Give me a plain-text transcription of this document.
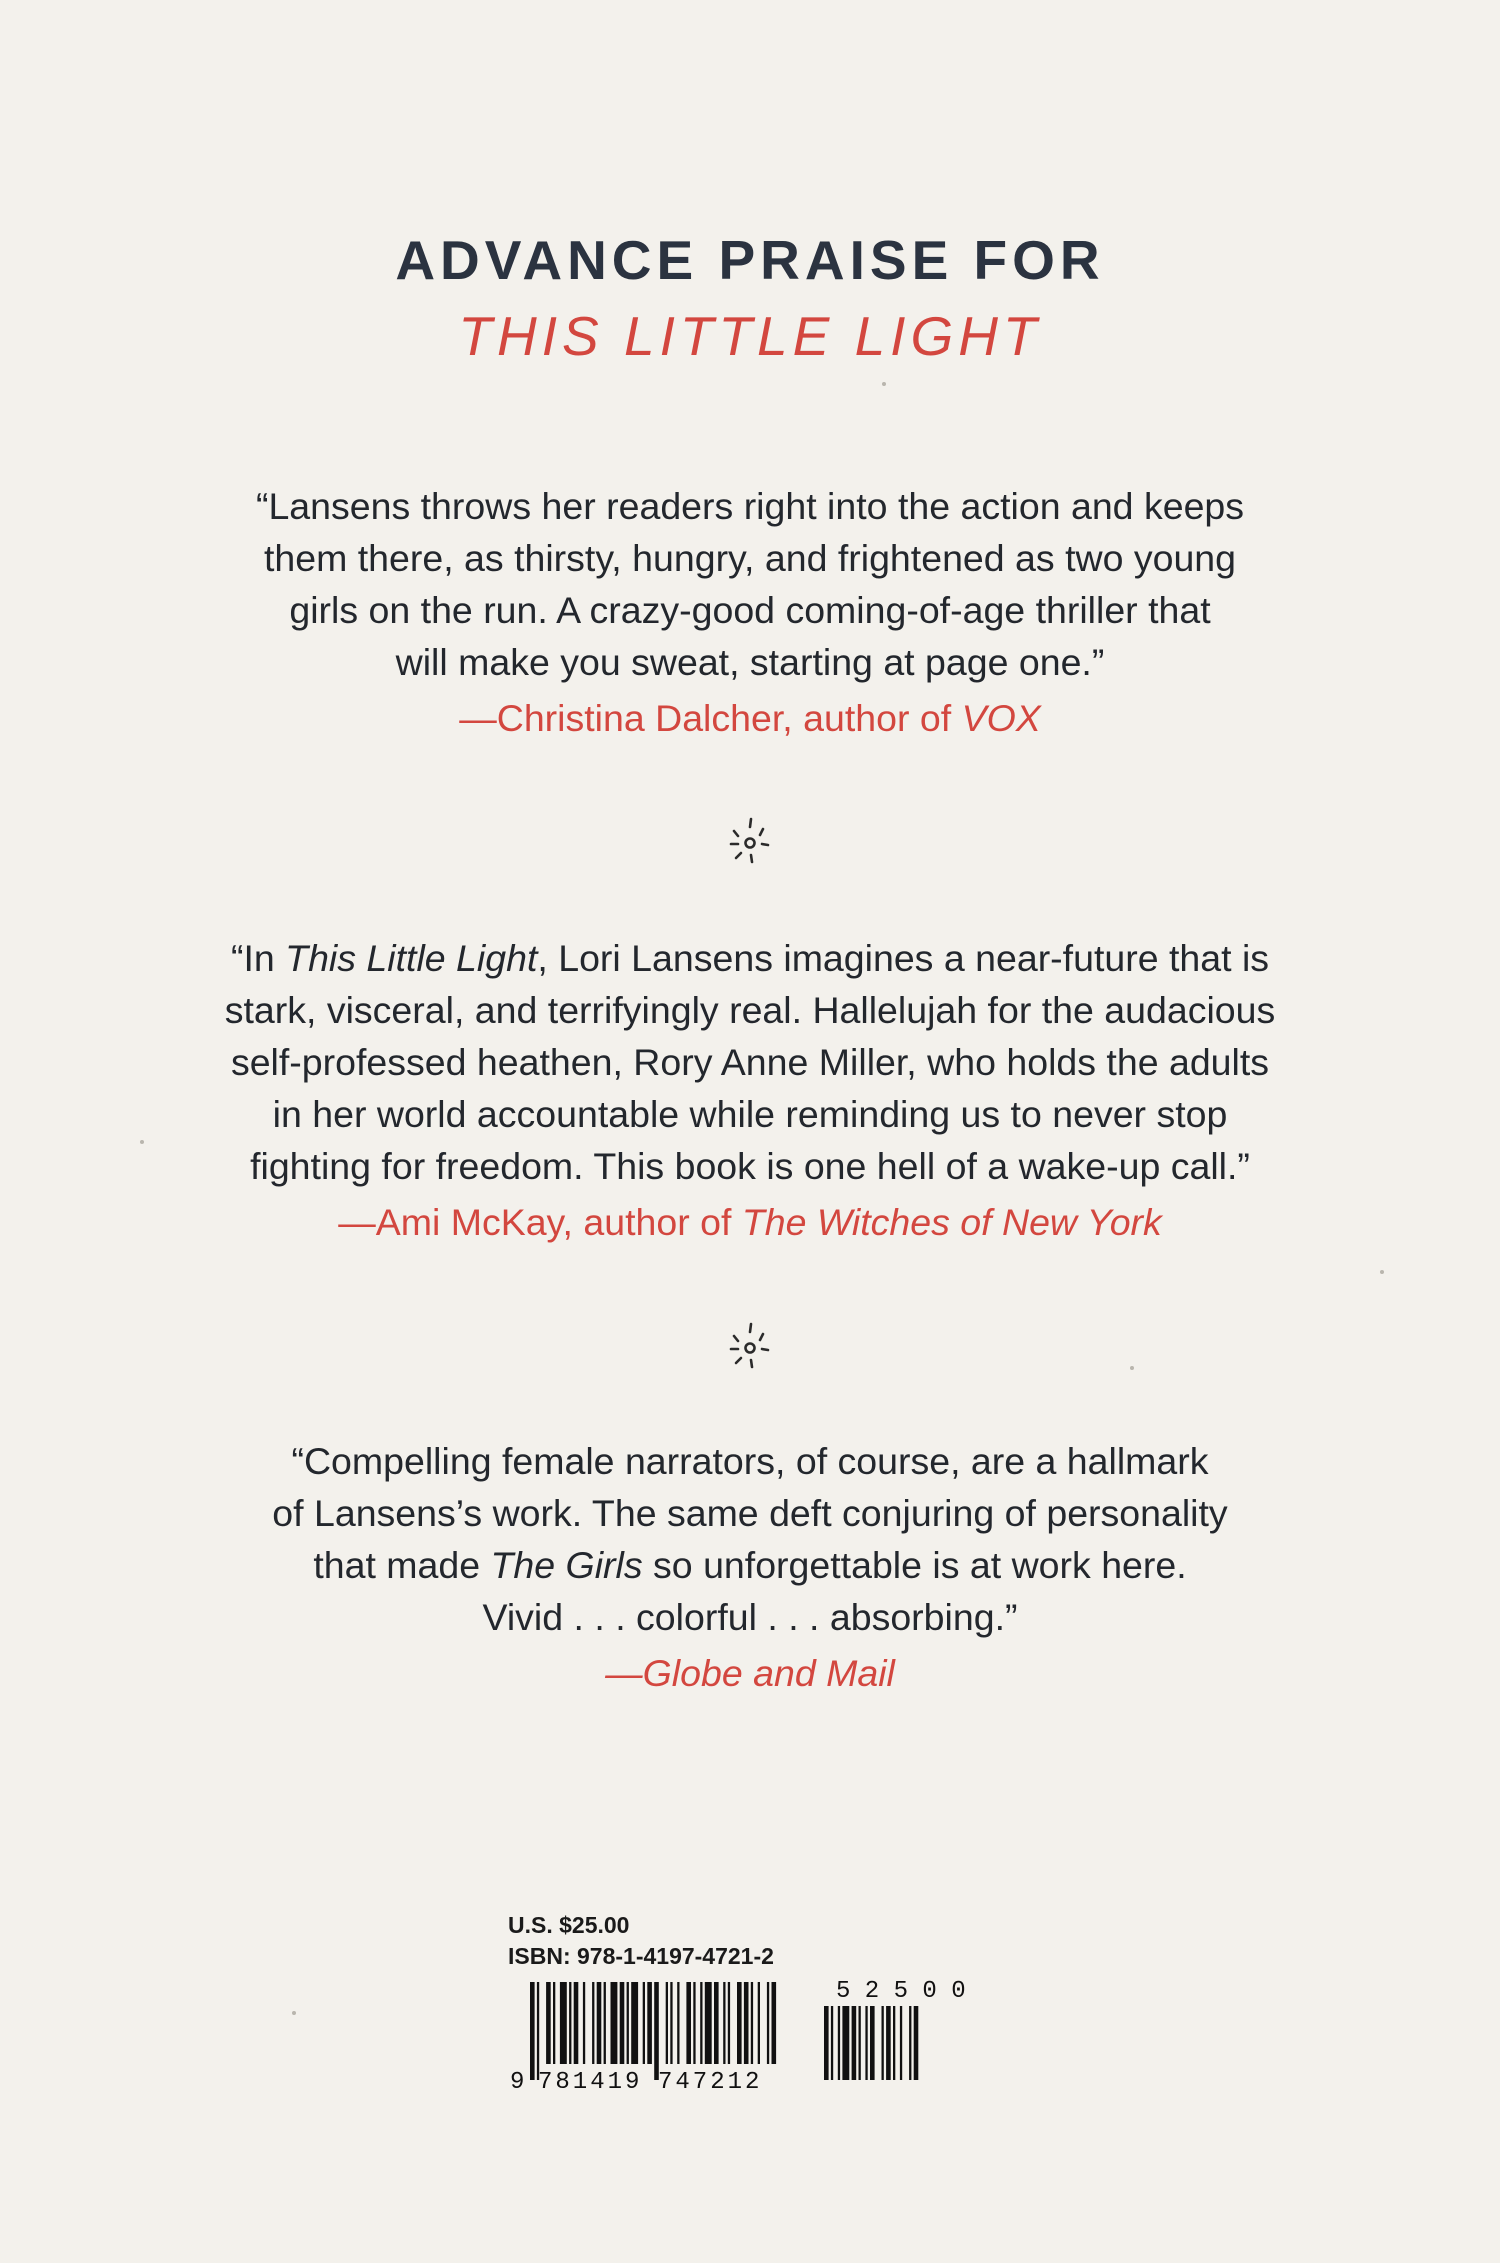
ADVANCE PRAISE FOR
THIS LITTLE LIGHT
“Lansens throws her readers right into the action and keeps
them there, as thirsty, hungry, and frightened as two young
girls on the run. A crazy-good coming-of-age thriller that
will make you sweat, starting at page one.”
—Christina Dalcher, author of VOX
“In This Little Light, Lori Lansens imagines a near-future that is
stark, visceral, and terrifyingly real. Hallelujah for the audacious
self-professed heathen, Rory Anne Miller, who holds the adults
in her world accountable while reminding us to never stop
fighting for freedom. This book is one hell of a wake-up call.”
—Ami McKay, author of The Witches of New York
“Compelling female narrators, of course, are a hallmark
of Lansens’s work. The same deft conjuring of personality
that made The Girls so unforgettable is at work here.
Vivid . . . colorful . . . absorbing.”
—Globe and Mail
U.S. $25.00
ISBN: 978-1-4197-4721-2
9 781419 747212
5 2 5 0 0
